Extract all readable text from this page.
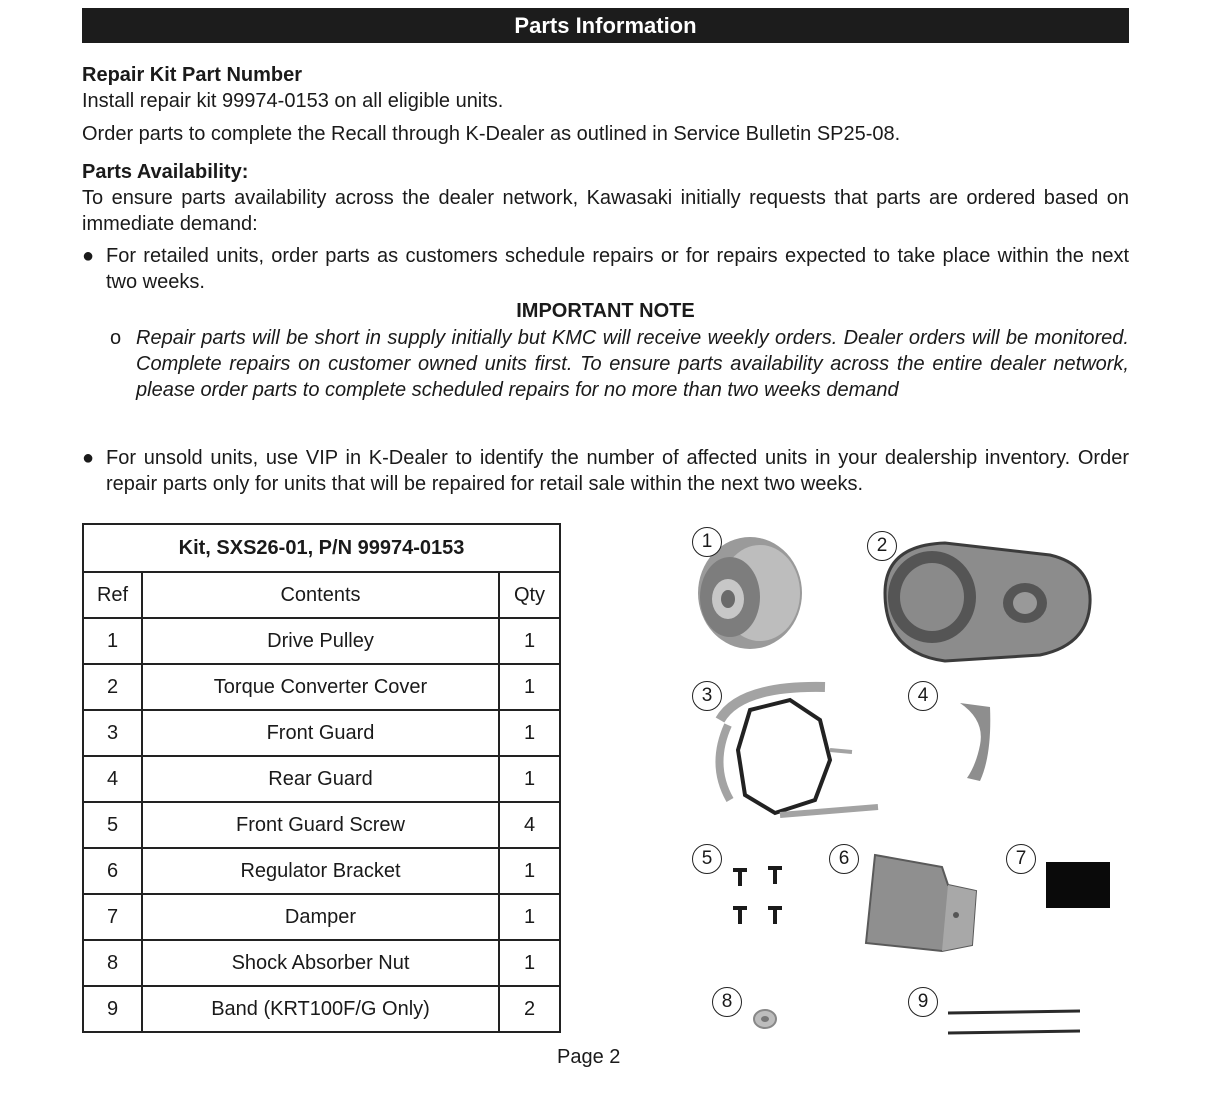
Parts Information
Repair Kit Part Number
Install repair kit 99974-0153 on all eligible units.
Order parts to complete the Recall through K-Dealer as outlined in Service Bulletin SP25-08.
Parts Availability:
To ensure parts availability across the dealer network, Kawasaki initially requests that parts are ordered based on immediate demand:
● For retailed units, order parts as customers schedule repairs or for repairs expected to take place within the next two weeks.
IMPORTANT NOTE
o Repair parts will be short in supply initially but KMC will receive weekly orders. Dealer orders will be monitored. Complete repairs on customer owned units first. To ensure parts availability across the entire dealer network, please order parts to complete scheduled repairs for no more than two weeks demand
● For unsold units, use VIP in K-Dealer to identify the number of affected units in your dealership inventory. Order repair parts only for units that will be repaired for retail sale within the next two weeks.
Kit, SXS26-01, P/N 99974-0153		
Ref	Contents	Qty
1	Drive Pulley	1
2	Torque Converter Cover	1
3	Front Guard	1
4	Rear Guard	1
5	Front Guard Screw	4
6	Regulator Bracket	1
7	Damper	1
8	Shock Absorber Nut	1
9	Band (KRT100F/G Only)	2
1	2
3	4
5	6	7
8	9
Page 2
